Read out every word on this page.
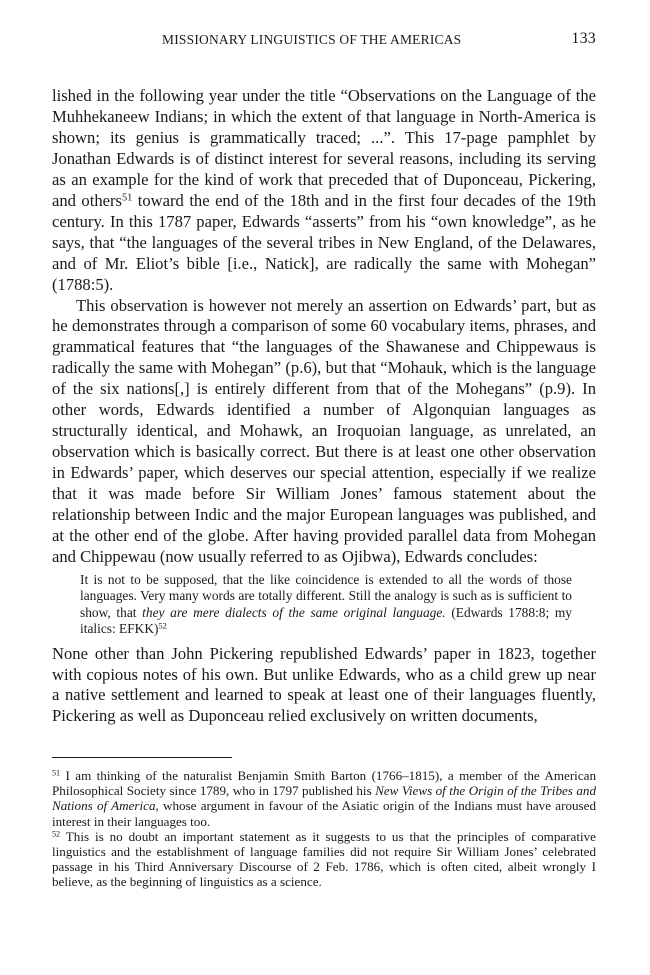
MISSIONARY LINGUISTICS OF THE AMERICAS	133

lished in the following year under the title “Observations on the Language of the Muhhekaneew Indians; in which the extent of that language in North-America is shown; its genius is grammatically traced; ...”. This 17-page pamphlet by Jonathan Edwards is of distinct interest for several reasons, including its serving as an example for the kind of work that preceded that of Duponceau, Pickering, and others$^{51}$ toward the end of the 18th and in the first four decades of the 19th century. In this 1787 paper, Edwards “asserts” from his “own knowledge”, as he says, that “the languages of the several tribes in New England, of the Delawares, and of Mr. Eliot’s bible [i.e., Natick], are radically the same with Mohegan” (1788:5).

This observation is however not merely an assertion on Edwards’ part, but as he demonstrates through a comparison of some 60 vocabulary items, phrases, and grammatical features that “the languages of the Shawanese and Chippewaus is radically the same with Mohegan” (p.6), but that “Mohauk, which is the language of the six nations[,] is entirely different from that of the Mohegans” (p.9). In other words, Edwards identified a number of Algonquian languages as structurally identical, and Mohawk, an Iroquoian language, as unrelated, an observation which is basically correct. But there is at least one other observation in Edwards’ paper, which deserves our special attention, especially if we realize that it was made before Sir William Jones’ famous statement about the relationship between Indic and the major European languages was published, and at the other end of the globe. After having provided parallel data from Mohegan and Chippewau (now usually referred to as Ojibwa), Edwards concludes:

It is not to be supposed, that the like coincidence is extended to all the words of those languages. Very many words are totally different. Still the analogy is such as is sufficient to show, that they are mere dialects of the same original language. (Edwards 1788:8; my italics: EFKK)$^{52}$

None other than John Pickering republished Edwards’ paper in 1823, together with copious notes of his own. But unlike Edwards, who as a child grew up near a native settlement and learned to speak at least one of their languages fluently, Pickering as well as Duponceau relied exclusively on written documents,

$^{51}$ I am thinking of the naturalist Benjamin Smith Barton (1766–1815), a member of the American Philosophical Society since 1789, who in 1797 published his New Views of the Origin of the Tribes and Nations of America, whose argument in favour of the Asiatic origin of the Indians must have aroused interest in their languages too.

$^{52}$ This is no doubt an important statement as it suggests to us that the principles of comparative linguistics and the establishment of language families did not require Sir William Jones’ celebrated passage in his Third Anniversary Discourse of 2 Feb. 1786, which is often cited, albeit wrongly I believe, as the beginning of linguistics as a science.
